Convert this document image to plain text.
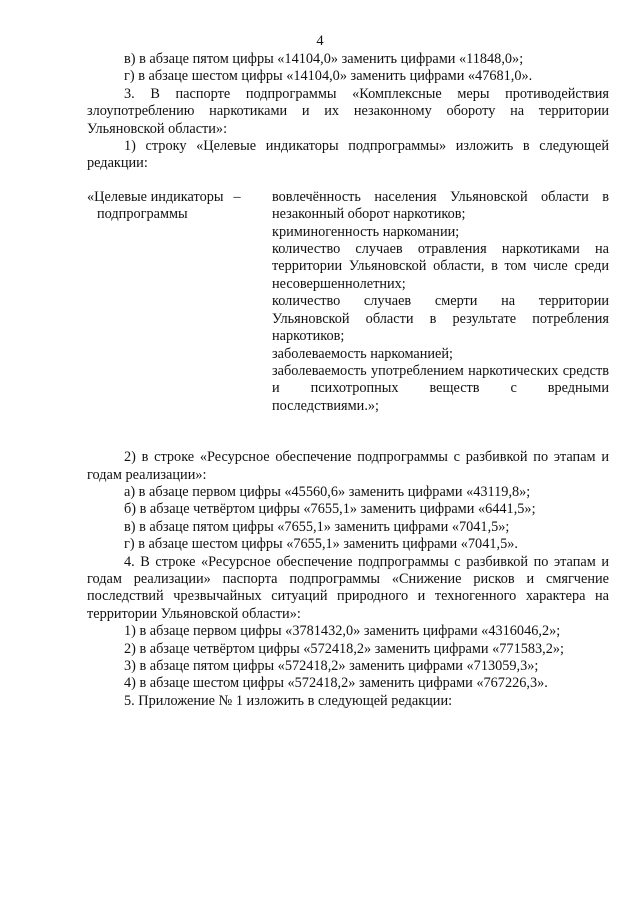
4

в) в абзаце пятом цифры «14104,0» заменить цифрами «11848,0»;

г) в абзаце шестом цифры «14104,0» заменить цифрами «47681,0».

3. В паспорте подпрограммы «Комплексные меры противодействия злоупотреблению наркотиками и их незаконному обороту на территории Ульяновской области»:

1) строку «Целевые индикаторы подпрограммы» изложить в следующей редакции:

«Целевые индикаторы –
подпрограммы

вовлечённость населения Ульяновской области в незаконный оборот наркотиков;

криминогенность наркомании;

количество случаев отравления наркотиками на территории Ульяновской области, в том числе среди несовершеннолетних;

количество случаев смерти на территории Ульяновской области в результате потребления наркотиков;

заболеваемость наркоманией;

заболеваемость употреблением наркотических средств и психотропных веществ с вредными последствиями.»;

2) в строке «Ресурсное обеспечение подпрограммы с разбивкой по этапам и годам реализации»:

а) в абзаце первом цифры «45560,6» заменить цифрами «43119,8»;

б) в абзаце четвёртом цифры «7655,1» заменить цифрами «6441,5»;

в) в абзаце пятом цифры «7655,1» заменить цифрами «7041,5»;

г) в абзаце шестом цифры «7655,1» заменить цифрами «7041,5».

4. В строке «Ресурсное обеспечение подпрограммы с разбивкой по этапам и годам реализации» паспорта подпрограммы «Снижение рисков и смягчение последствий чрезвычайных ситуаций природного и техногенного характера на территории Ульяновской области»:

1) в абзаце первом цифры «3781432,0» заменить цифрами «4316046,2»;

2) в абзаце четвёртом цифры «572418,2» заменить цифрами «771583,2»;

3) в абзаце пятом цифры «572418,2» заменить цифрами «713059,3»;

4) в абзаце шестом цифры «572418,2» заменить цифрами «767226,3».

5. Приложение № 1 изложить в следующей редакции:
